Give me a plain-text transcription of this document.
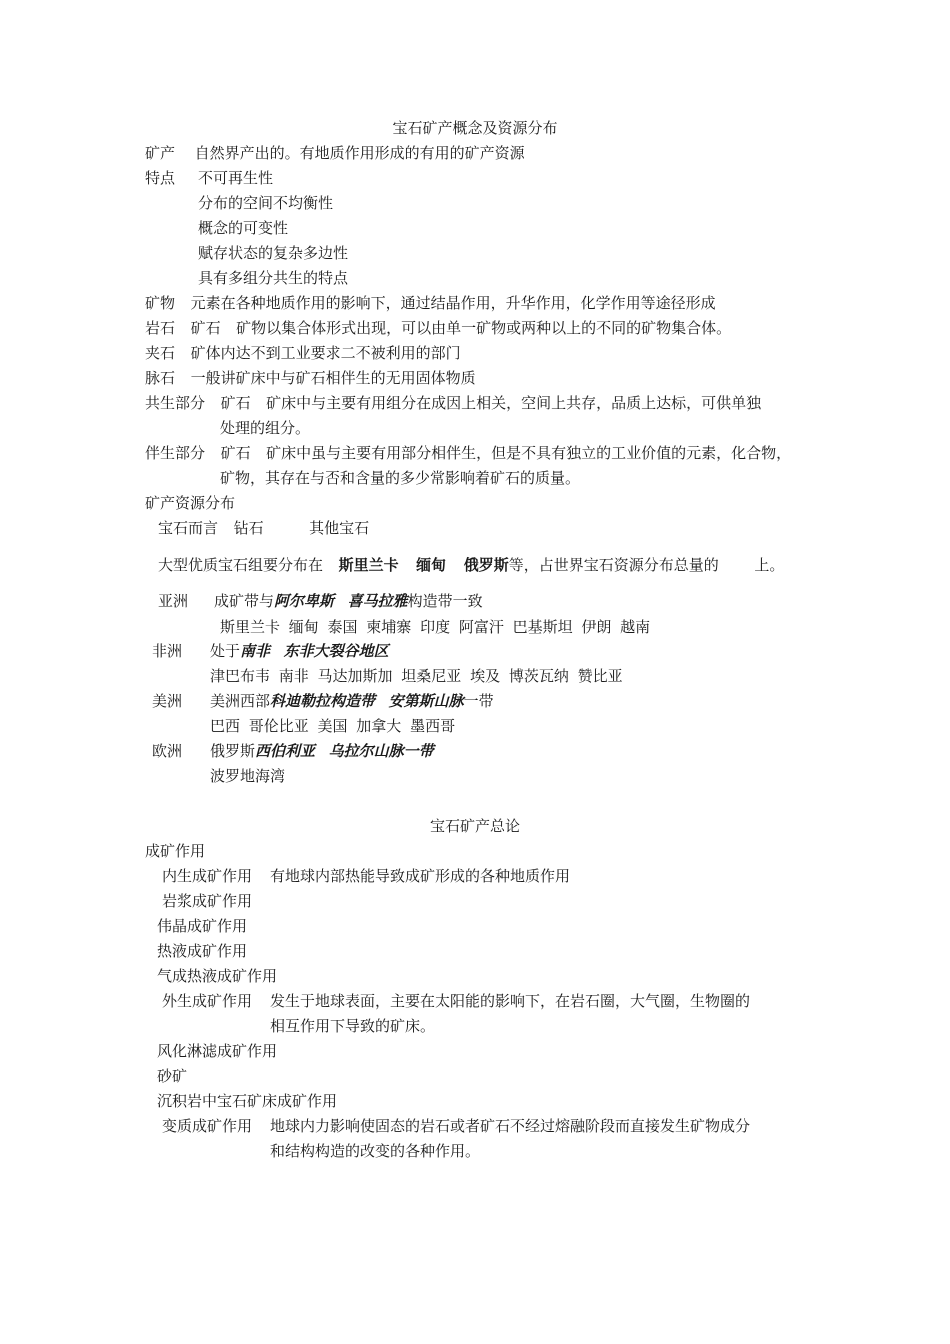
宝石矿产概念及资源分布
矿产 自然界产出的。有地质作用形成的有用的矿产资源
特点 不可再生性
分布的空间不均衡性
概念的可变性
赋存状态的复杂多边性
具有多组分共生的特点
矿物 元素在各种地质作用的影响下，通过结晶作用，升华作用，化学作用等途径形成
岩石 矿石 矿物以集合体形式出现，可以由单一矿物或两种以上的不同的矿物集合体。
夹石 矿体内达不到工业要求二不被利用的部门
脉石 一般讲矿床中与矿石相伴生的无用固体物质
共生部分 矿石 矿床中与主要有用组分在成因上相关，空间上共存，品质上达标，可供单独
处理的组分。
伴生部分 矿石 矿床中虽与主要有用部分相伴生，但是不具有独立的工业价值的元素，化合物，
矿物，其存在与否和含量的多少常影响着矿石的质量。
矿产资源分布
宝石而言 钻石	其他宝石
大型优质宝石组要分布在 斯里兰卡 缅甸 俄罗斯等，占世界宝石资源分布总量的 上。
亚洲 成矿带与阿尔卑斯 喜马拉雅构造带一致
斯里兰卡 缅甸 泰国 柬埔寨 印度 阿富汗 巴基斯坦 伊朗 越南
非洲 处于南非 东非大裂谷地区
津巴布韦 南非 马达加斯加 坦桑尼亚 埃及 博茨瓦纳 赞比亚
美洲 美洲西部科迪勒拉构造带 安第斯山脉一带
巴西 哥伦比亚 美国 加拿大 墨西哥
欧洲 俄罗斯西伯利亚 乌拉尔山脉一带
波罗地海湾
宝石矿产总论
成矿作用
内生成矿作用 有地球内部热能导致成矿形成的各种地质作用
岩浆成矿作用
伟晶成矿作用
热液成矿作用
气成热液成矿作用
外生成矿作用 发生于地球表面，主要在太阳能的影响下，在岩石圈，大气圈，生物圈的
相互作用下导致的矿床。
风化淋滤成矿作用
砂矿
沉积岩中宝石矿床成矿作用
变质成矿作用 地球内力影响使固态的岩石或者矿石不经过熔融阶段而直接发生矿物成分
和结构构造的改变的各种作用。
